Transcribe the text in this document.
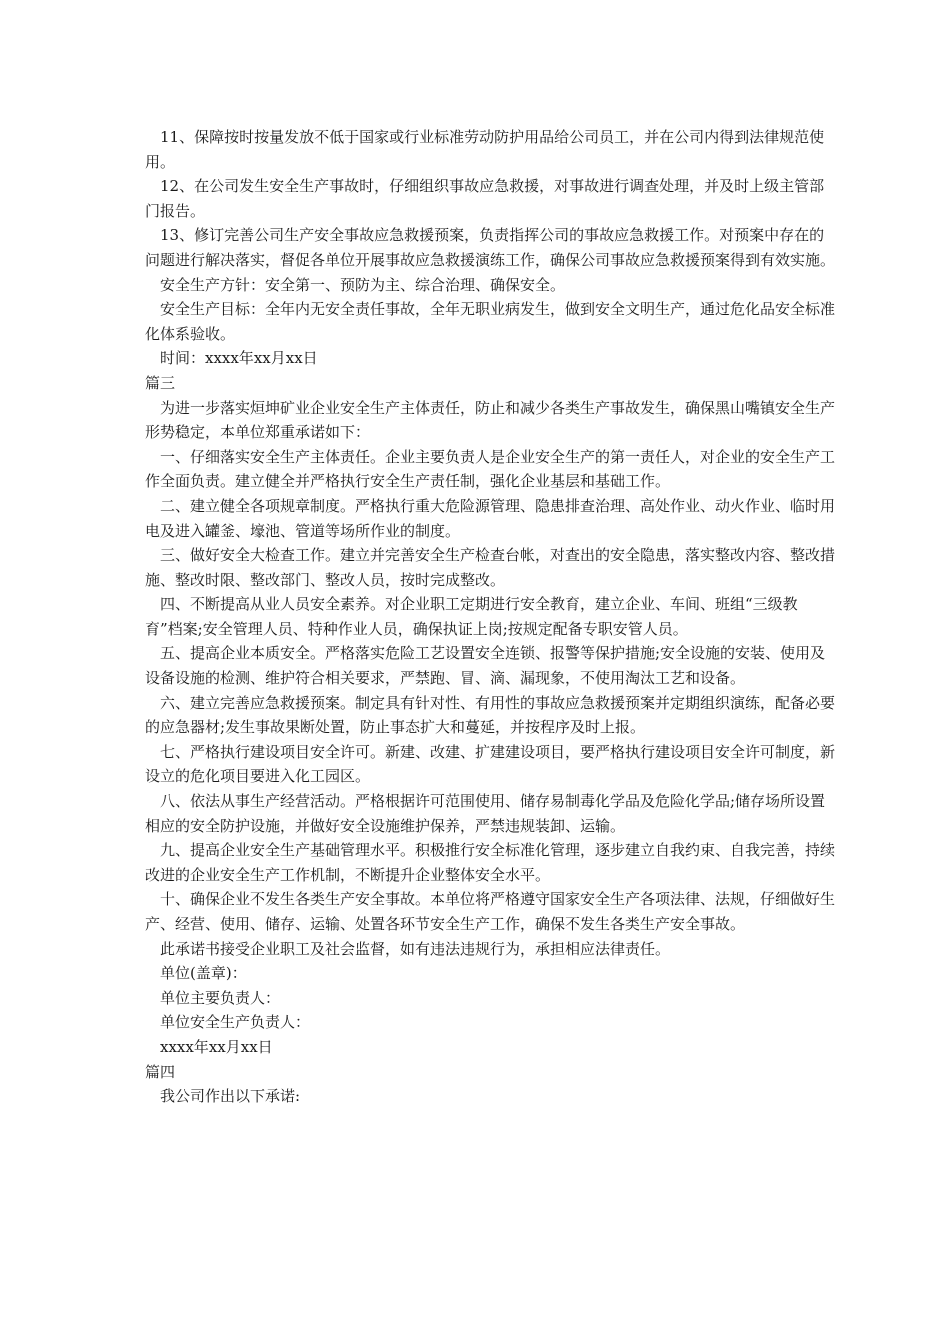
11、保障按时按量发放不低于国家或行业标准劳动防护用品给公司员工，并在公司内得到法律规范使用。

12、在公司发生安全生产事故时，仔细组织事故应急救援，对事故进行调查处理，并及时上级主管部门报告。

13、修订完善公司生产安全事故应急救援预案，负责指挥公司的事故应急救援工作。对预案中存在的问题进行解决落实，督促各单位开展事故应急救援演练工作，确保公司事故应急救援预案得到有效实施。

安全生产方针：安全第一、预防为主、综合治理、确保安全。

安全生产目标：全年内无安全责任事故，全年无职业病发生，做到安全文明生产，通过危化品安全标准化体系验收。

时间：xxxx年xx月xx日

篇三

为进一步落实烜坤矿业企业安全生产主体责任，防止和减少各类生产事故发生，确保黑山嘴镇安全生产形势稳定，本单位郑重承诺如下：

一、仔细落实安全生产主体责任。企业主要负责人是企业安全生产的第一责任人，对企业的安全生产工作全面负责。建立健全并严格执行安全生产责任制，强化企业基层和基础工作。

二、建立健全各项规章制度。严格执行重大危险源管理、隐患排查治理、高处作业、动火作业、临时用电及进入罐釜、壕池、管道等场所作业的制度。

三、做好安全大检查工作。建立并完善安全生产检查台帐，对查出的安全隐患，落实整改内容、整改措施、整改时限、整改部门、整改人员，按时完成整改。

四、不断提高从业人员安全素养。对企业职工定期进行安全教育，建立企业、车间、班组“三级教育”档案;安全管理人员、特种作业人员，确保执证上岗;按规定配备专职安管人员。

五、提高企业本质安全。严格落实危险工艺设置安全连锁、报警等保护措施;安全设施的安装、使用及设备设施的检测、维护符合相关要求，严禁跑、冒、滴、漏现象，不使用淘汰工艺和设备。

六、建立完善应急救援预案。制定具有针对性、有用性的事故应急救援预案并定期组织演练，配备必要的应急器材;发生事故果断处置，防止事态扩大和蔓延，并按程序及时上报。

七、严格执行建设项目安全许可。新建、改建、扩建建设项目，要严格执行建设项目安全许可制度，新设立的危化项目要进入化工园区。

八、依法从事生产经营活动。严格根据许可范围使用、储存易制毒化学品及危险化学品;储存场所设置相应的安全防护设施，并做好安全设施维护保养，严禁违规装卸、运输。

九、提高企业安全生产基础管理水平。积极推行安全标准化管理，逐步建立自我约束、自我完善，持续改进的企业安全生产工作机制，不断提升企业整体安全水平。

十、确保企业不发生各类生产安全事故。本单位将严格遵守国家安全生产各项法律、法规，仔细做好生产、经营、使用、储存、运输、处置各环节安全生产工作，确保不发生各类生产安全事故。

此承诺书接受企业职工及社会监督，如有违法违规行为，承担相应法律责任。

单位(盖章)：

单位主要负责人：

单位安全生产负责人：

xxxx年xx月xx日

篇四

我公司作出以下承诺:
